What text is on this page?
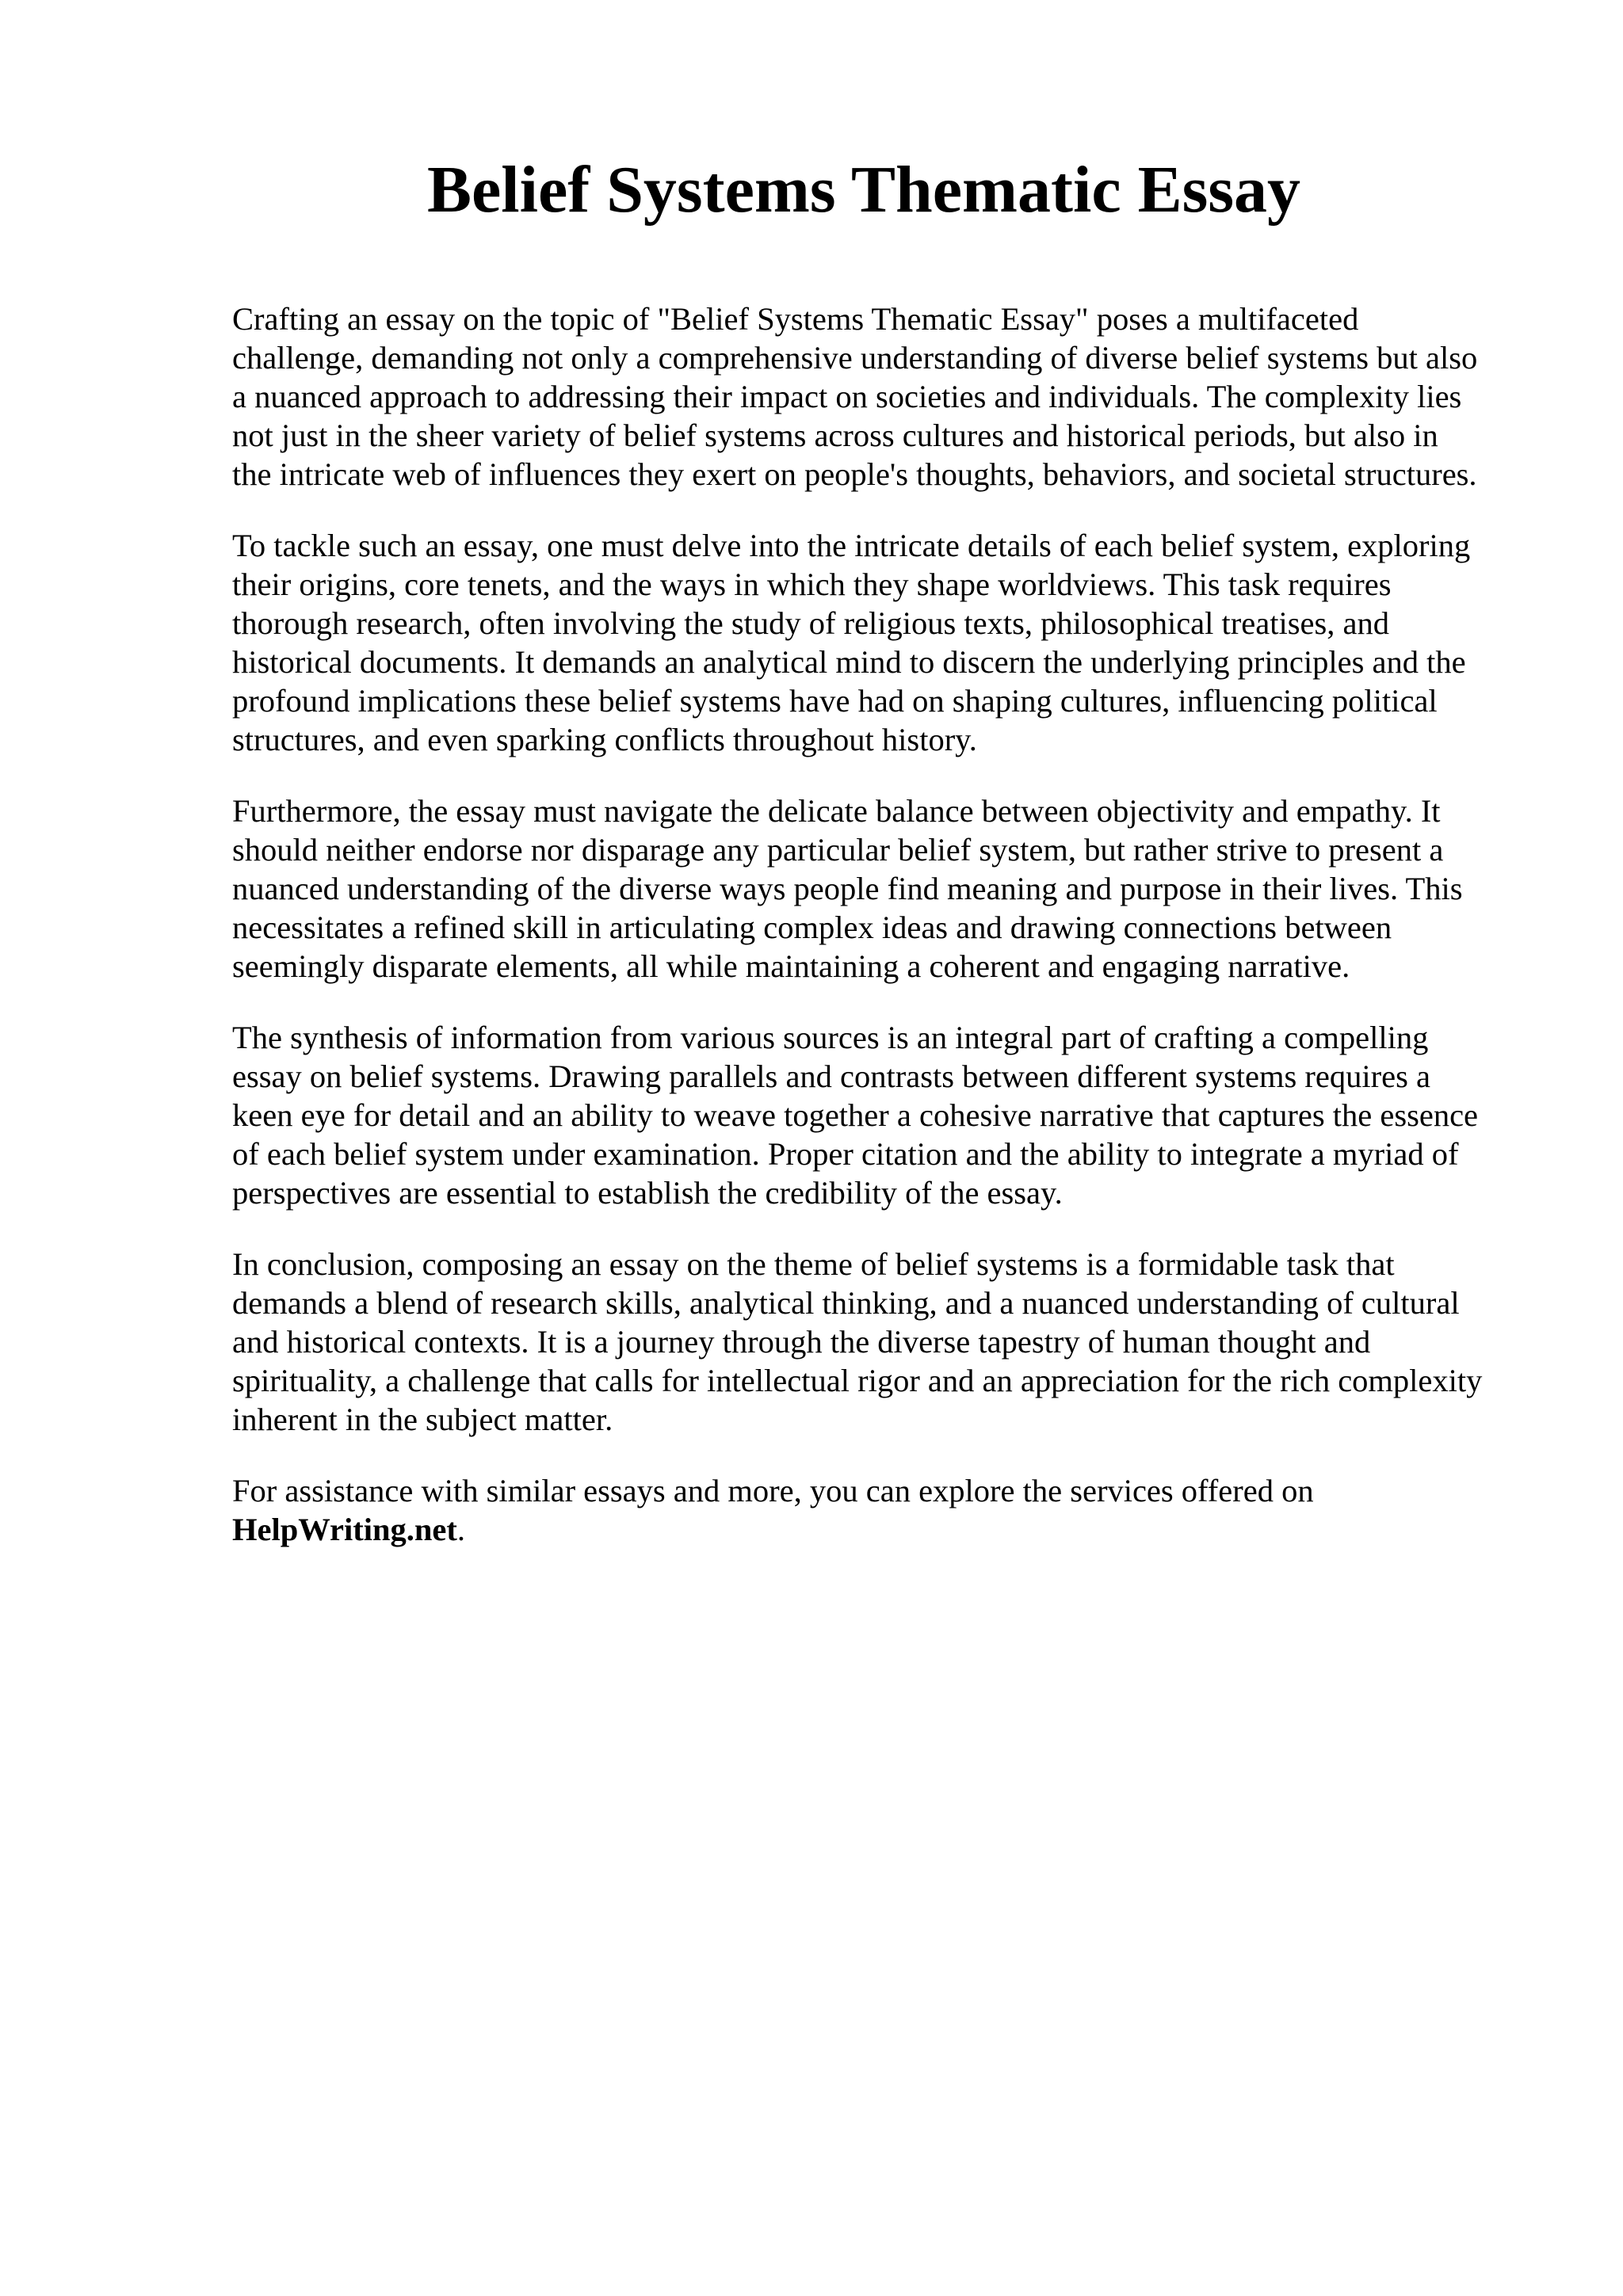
Belief Systems Thematic Essay

Crafting an essay on the topic of "Belief Systems Thematic Essay" poses a multifaceted
challenge, demanding not only a comprehensive understanding of diverse belief systems but also
a nuanced approach to addressing their impact on societies and individuals. The complexity lies
not just in the sheer variety of belief systems across cultures and historical periods, but also in
the intricate web of influences they exert on people's thoughts, behaviors, and societal structures.

To tackle such an essay, one must delve into the intricate details of each belief system, exploring
their origins, core tenets, and the ways in which they shape worldviews. This task requires
thorough research, often involving the study of religious texts, philosophical treatises, and
historical documents. It demands an analytical mind to discern the underlying principles and the
profound implications these belief systems have had on shaping cultures, influencing political
structures, and even sparking conflicts throughout history.

Furthermore, the essay must navigate the delicate balance between objectivity and empathy. It
should neither endorse nor disparage any particular belief system, but rather strive to present a
nuanced understanding of the diverse ways people find meaning and purpose in their lives. This
necessitates a refined skill in articulating complex ideas and drawing connections between
seemingly disparate elements, all while maintaining a coherent and engaging narrative.

The synthesis of information from various sources is an integral part of crafting a compelling
essay on belief systems. Drawing parallels and contrasts between different systems requires a
keen eye for detail and an ability to weave together a cohesive narrative that captures the essence
of each belief system under examination. Proper citation and the ability to integrate a myriad of
perspectives are essential to establish the credibility of the essay.

In conclusion, composing an essay on the theme of belief systems is a formidable task that
demands a blend of research skills, analytical thinking, and a nuanced understanding of cultural
and historical contexts. It is a journey through the diverse tapestry of human thought and
spirituality, a challenge that calls for intellectual rigor and an appreciation for the rich complexity
inherent in the subject matter.

For assistance with similar essays and more, you can explore the services offered on
HelpWriting.net.
